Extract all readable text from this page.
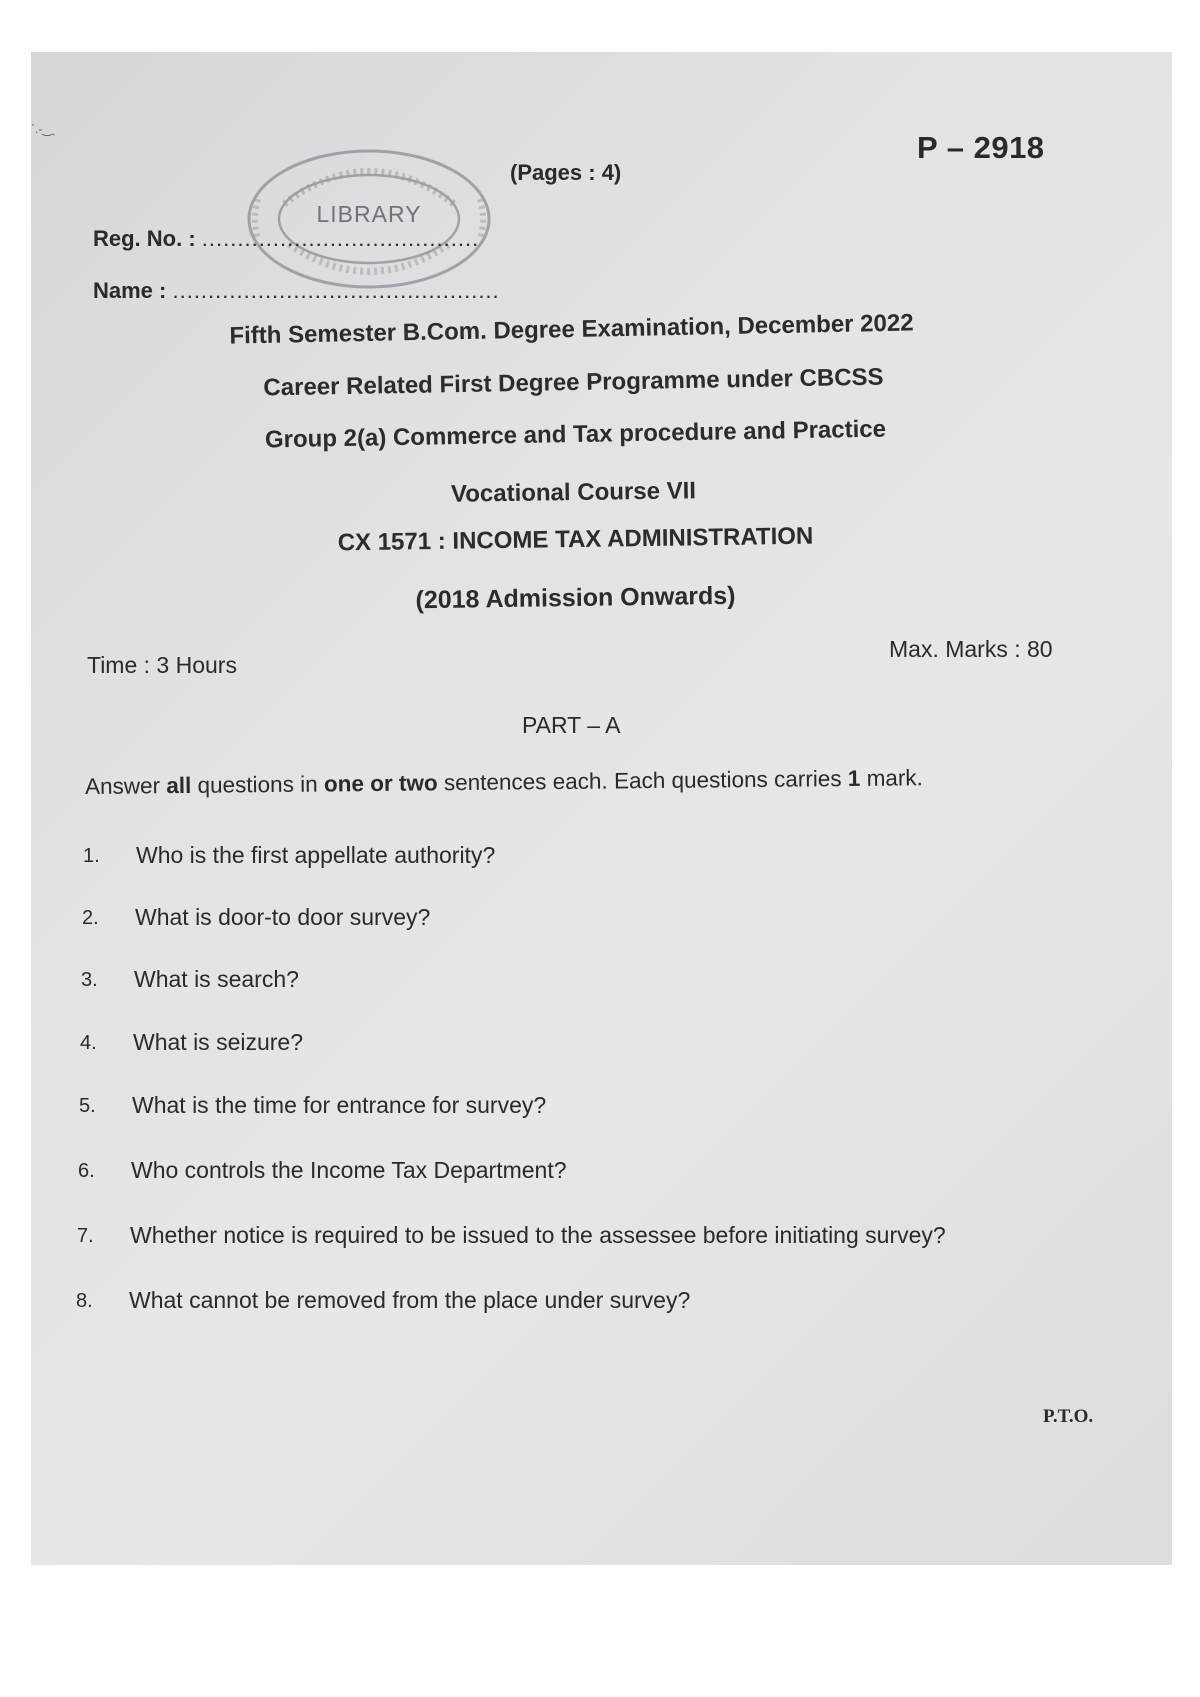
ˋ.-‿ˎ
P – 2918
LIBRARY
(Pages : 4)
Reg. No. : .......................................
Name : ..............................................
Fifth Semester B.Com. Degree Examination, December 2022
Career Related First Degree Programme under CBCSS
Group 2(a) Commerce and Tax procedure and Practice
Vocational Course VII
CX 1571 : INCOME TAX ADMINISTRATION
(2018 Admission Onwards)
Time : 3 Hours
Max. Marks : 80
PART – A
Answer all questions in one or two sentences each. Each questions carries 1 mark.
1. Who is the first appellate authority?
2. What is door-to door survey?
3. What is search?
4. What is seizure?
5. What is the time for entrance for survey?
6. Who controls the Income Tax Department?
7. Whether notice is required to be issued to the assessee before initiating survey?
8. What cannot be removed from the place under survey?
P.T.O.
